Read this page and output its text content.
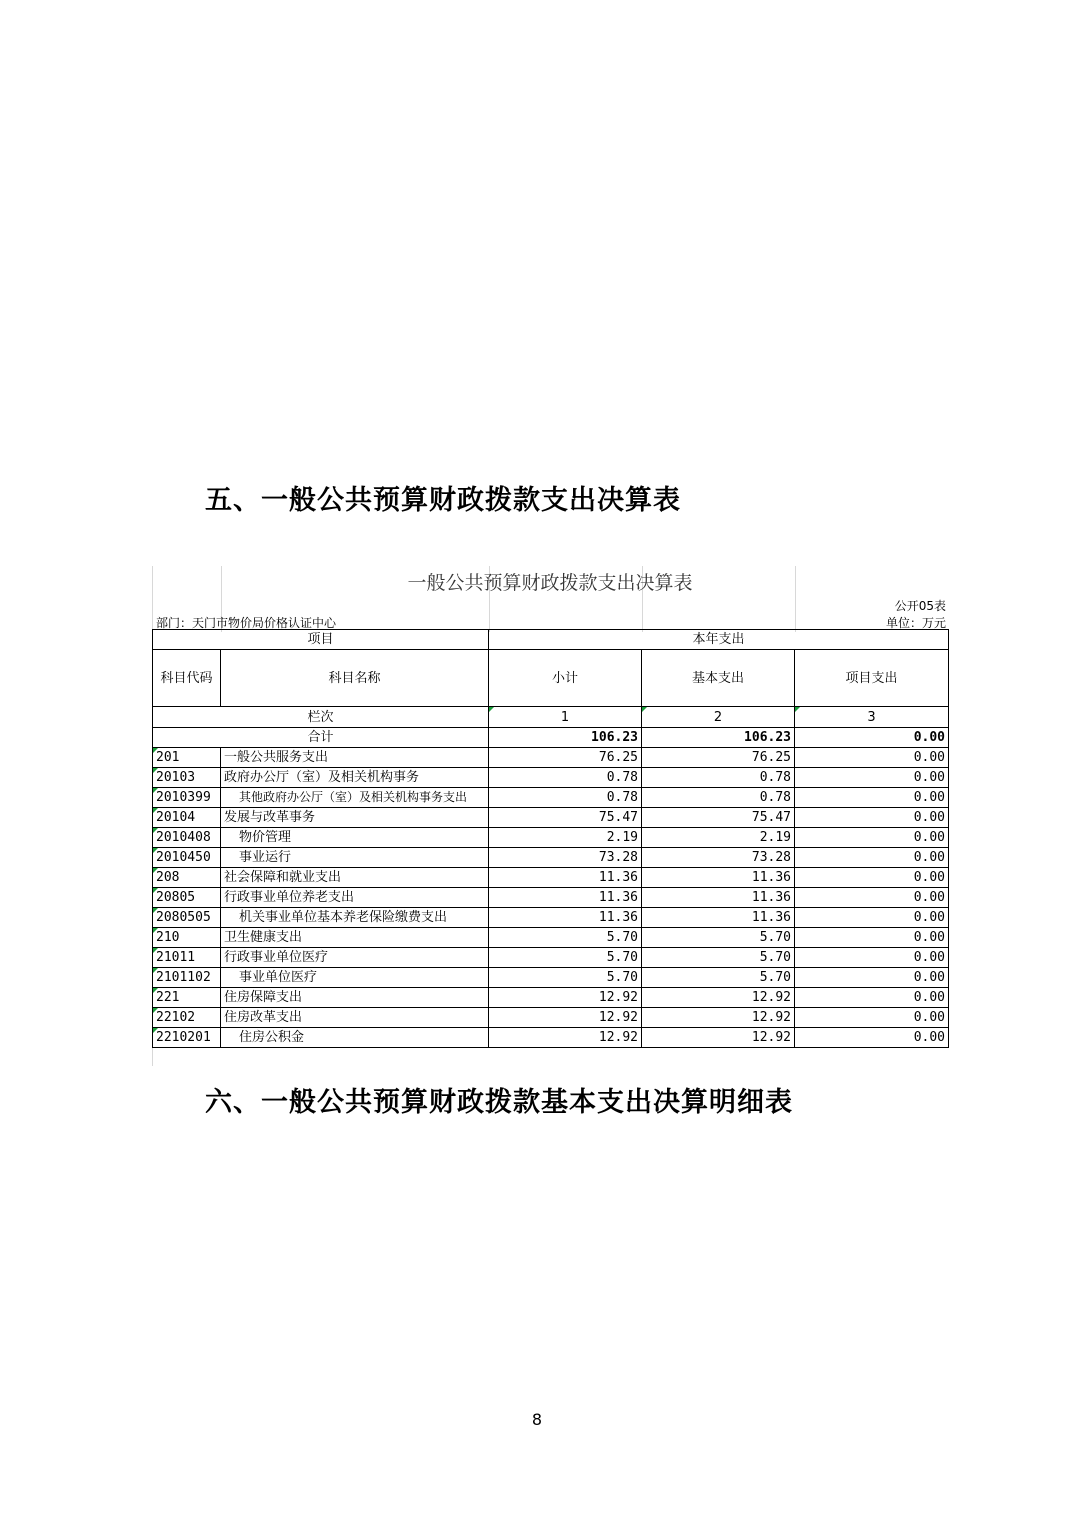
五、一般公共预算财政拨款支出决算表
一般公共预算财政拨款支出决算表
公开05表
部门：天门市物价局价格认证中心	单位：万元
项目		本年支出		
科目代码	科目名称	小计	基本支出	项目支出
栏次		1	2	3
合计		106.23	106.23	0.00
201	一般公共服务支出	76.25	76.25	0.00
20103	政府办公厅（室）及相关机构事务	0.78	0.78	0.00
2010399	其他政府办公厅（室）及相关机构事务支出	0.78	0.78	0.00
20104	发展与改革事务	75.47	75.47	0.00
2010408	物价管理	2.19	2.19	0.00
2010450	事业运行	73.28	73.28	0.00
208	社会保障和就业支出	11.36	11.36	0.00
20805	行政事业单位养老支出	11.36	11.36	0.00
2080505	机关事业单位基本养老保险缴费支出	11.36	11.36	0.00
210	卫生健康支出	5.70	5.70	0.00
21011	行政事业单位医疗	5.70	5.70	0.00
2101102	事业单位医疗	5.70	5.70	0.00
221	住房保障支出	12.92	12.92	0.00
22102	住房改革支出	12.92	12.92	0.00
2210201	住房公积金	12.92	12.92	0.00
六、一般公共预算财政拨款基本支出决算明细表
8
